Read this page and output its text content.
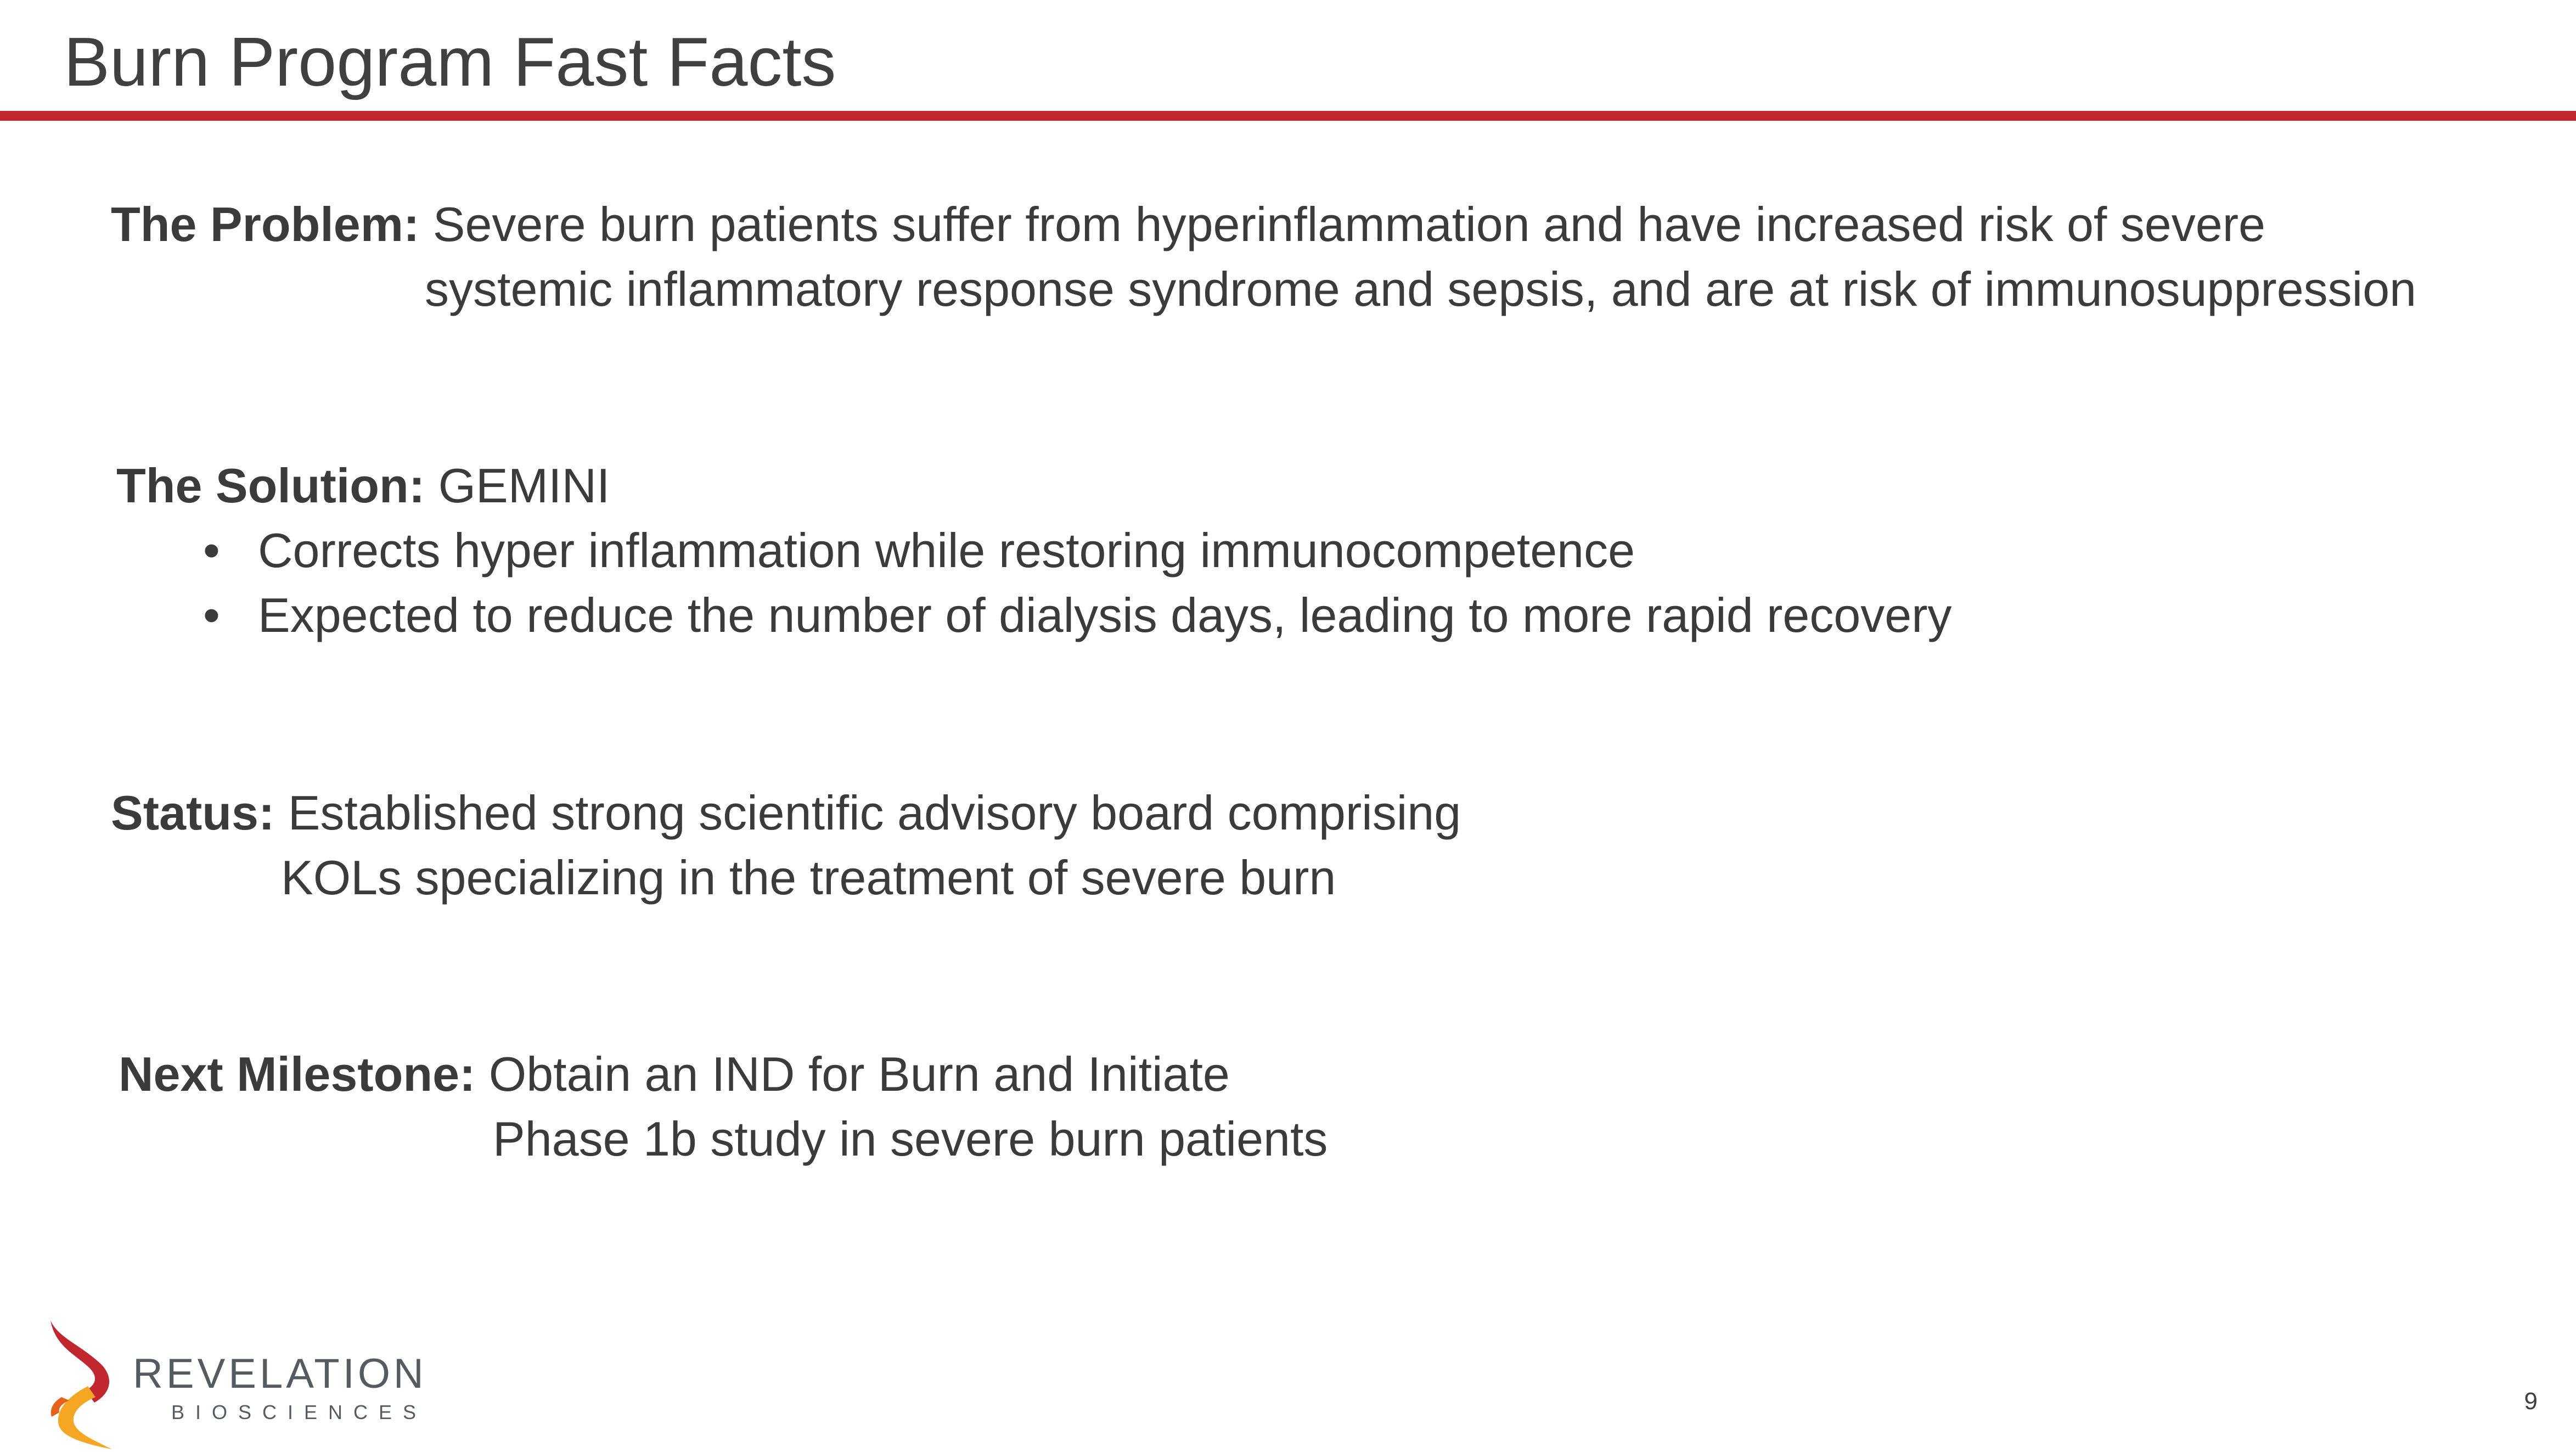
Burn Program Fast Facts
The Problem: Severe burn patients suffer from hyperinflammation and have increased risk of severe
systemic inflammatory response syndrome and sepsis, and are at risk of immunosuppression
The Solution: GEMINI
• Corrects hyper inflammation while restoring immunocompetence
• Expected to reduce the number of dialysis days, leading to more rapid recovery
Status: Established strong scientific advisory board comprising
KOLs specializing in the treatment of severe burn
Next Milestone: Obtain an IND for Burn and Initiate
Phase 1b study in severe burn patients
REVELATION
BIOSCIENCES	9
